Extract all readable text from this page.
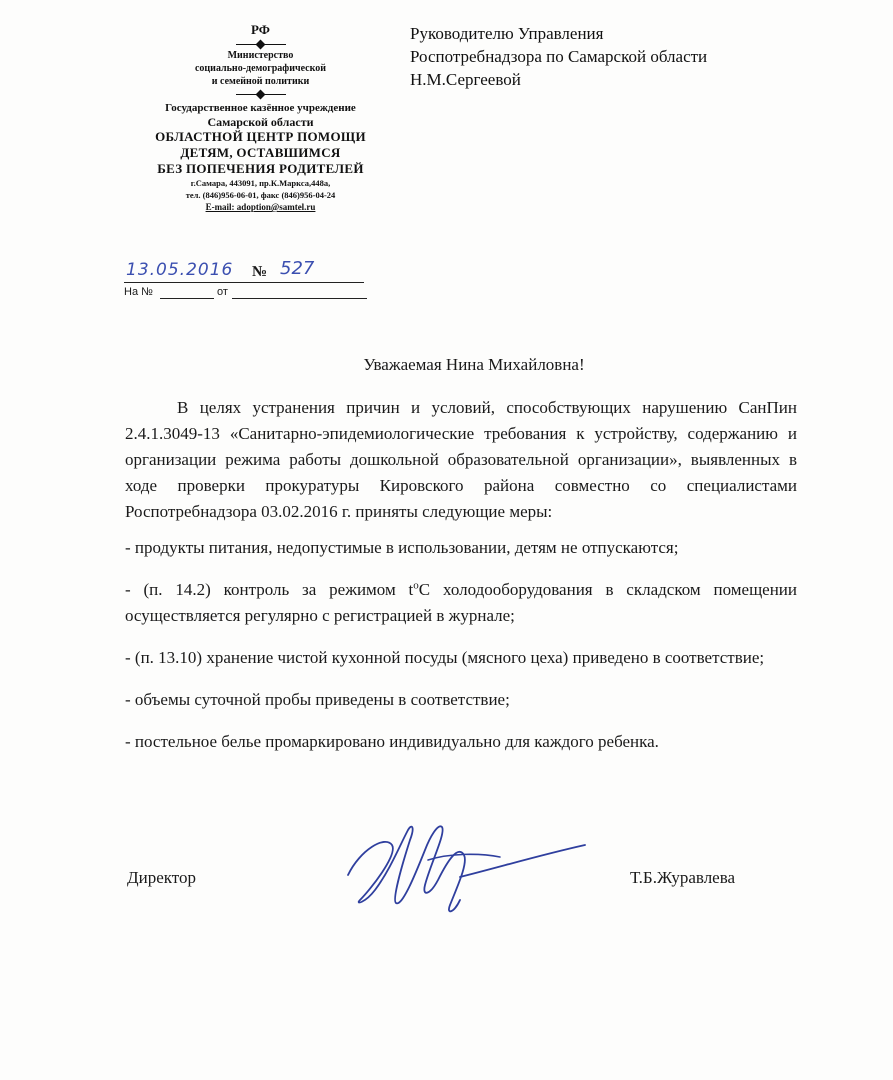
РФ
Министерство
социально-демографической
и семейной политики
Государственное казённое учреждение
Самарской области
ОБЛАСТНОЙ ЦЕНТР ПОМОЩИ
ДЕТЯМ, ОСТАВШИМСЯ
БЕЗ ПОПЕЧЕНИЯ РОДИТЕЛЕЙ
г.Самара, 443091, пр.К.Маркса,448а,
тел. (846)956-06-01, факс (846)956-04-24
E-mail: adoption@samtel.ru
13.05.2016 № 527
На №	от
Руководителю Управления
Роспотребнадзора по Самарской области
Н.М.Сергеевой
Уважаемая Нина Михайловна!

В целях устранения причин и условий, способствующих нарушению СанПин 2.4.1.3049-13 «Санитарно-эпидемиологические требования к устройству, содержанию и организации режима работы дошкольной образовательной организации», выявленных в ходе проверки прокуратуры Кировского района совместно со специалистами Роспотребнадзора 03.02.2016 г. приняты следующие меры:

- продукты питания, недопустимые в использовании, детям не отпускаются;

- (п. 14.2) контроль за режимом $t^oС$ холодооборудования в складском помещении осуществляется регулярно с регистрацией в журнале;

- (п. 13.10) хранение чистой кухонной посуды (мясного цеха) приведено в соответствие;

- объемы суточной пробы приведены в соответствие;

- постельное белье промаркировано индивидуально для каждого ребенка.

Директор	Т.Б.Журавлева
